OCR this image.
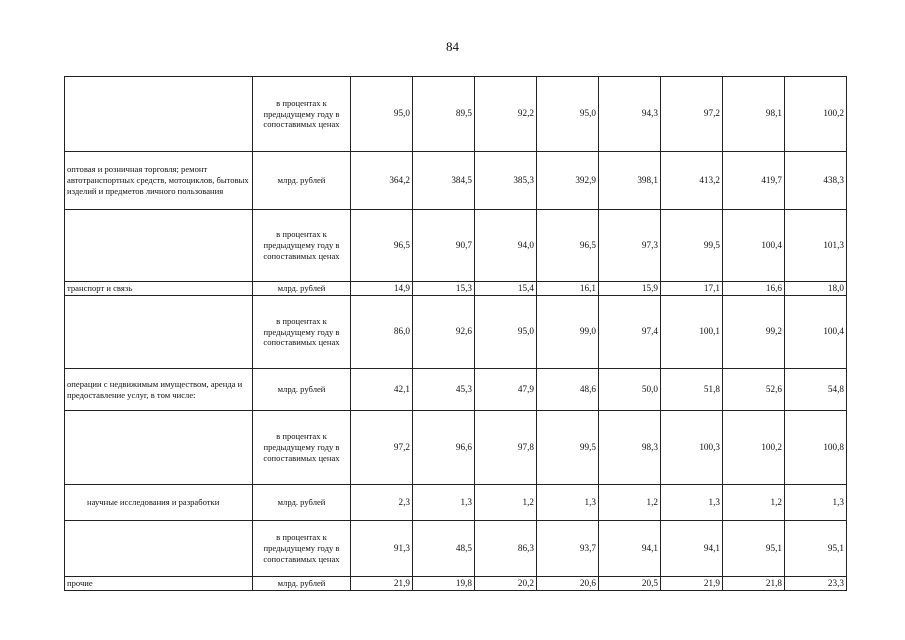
84
	в процентах к предыдущему году в сопоставимых ценах	95,0	89,5	92,2	95,0	94,3	97,2	98,1	100,2
оптовая и розничная торговля; ремонт автотранспортных средств, мотоциклов, бытовых изделий и предметов личного пользования	млрд. рублей	364,2	384,5	385,3	392,9	398,1	413,2	419,7	438,3
	в процентах к предыдущему году в сопоставимых ценах	96,5	90,7	94,0	96,5	97,3	99,5	100,4	101,3
транспорт и связь	млрд. рублей	14,9	15,3	15,4	16,1	15,9	17,1	16,6	18,0
	в процентах к предыдущему году в сопоставимых ценах	86,0	92,6	95,0	99,0	97,4	100,1	99,2	100,4
операции с недвижимым имуществом, аренда и предоставление услуг, в том числе:	млрд. рублей	42,1	45,3	47,9	48,6	50,0	51,8	52,6	54,8
	в процентах к предыдущему году в сопоставимых ценах	97,2	96,6	97,8	99,5	98,3	100,3	100,2	100,8
научные исследования и разработки	млрд. рублей	2,3	1,3	1,2	1,3	1,2	1,3	1,2	1,3
	в процентах к предыдущему году в сопоставимых ценах	91,3	48,5	86,3	93,7	94,1	94,1	95,1	95,1
прочие	млрд. рублей	21,9	19,8	20,2	20,6	20,5	21,9	21,8	23,3
